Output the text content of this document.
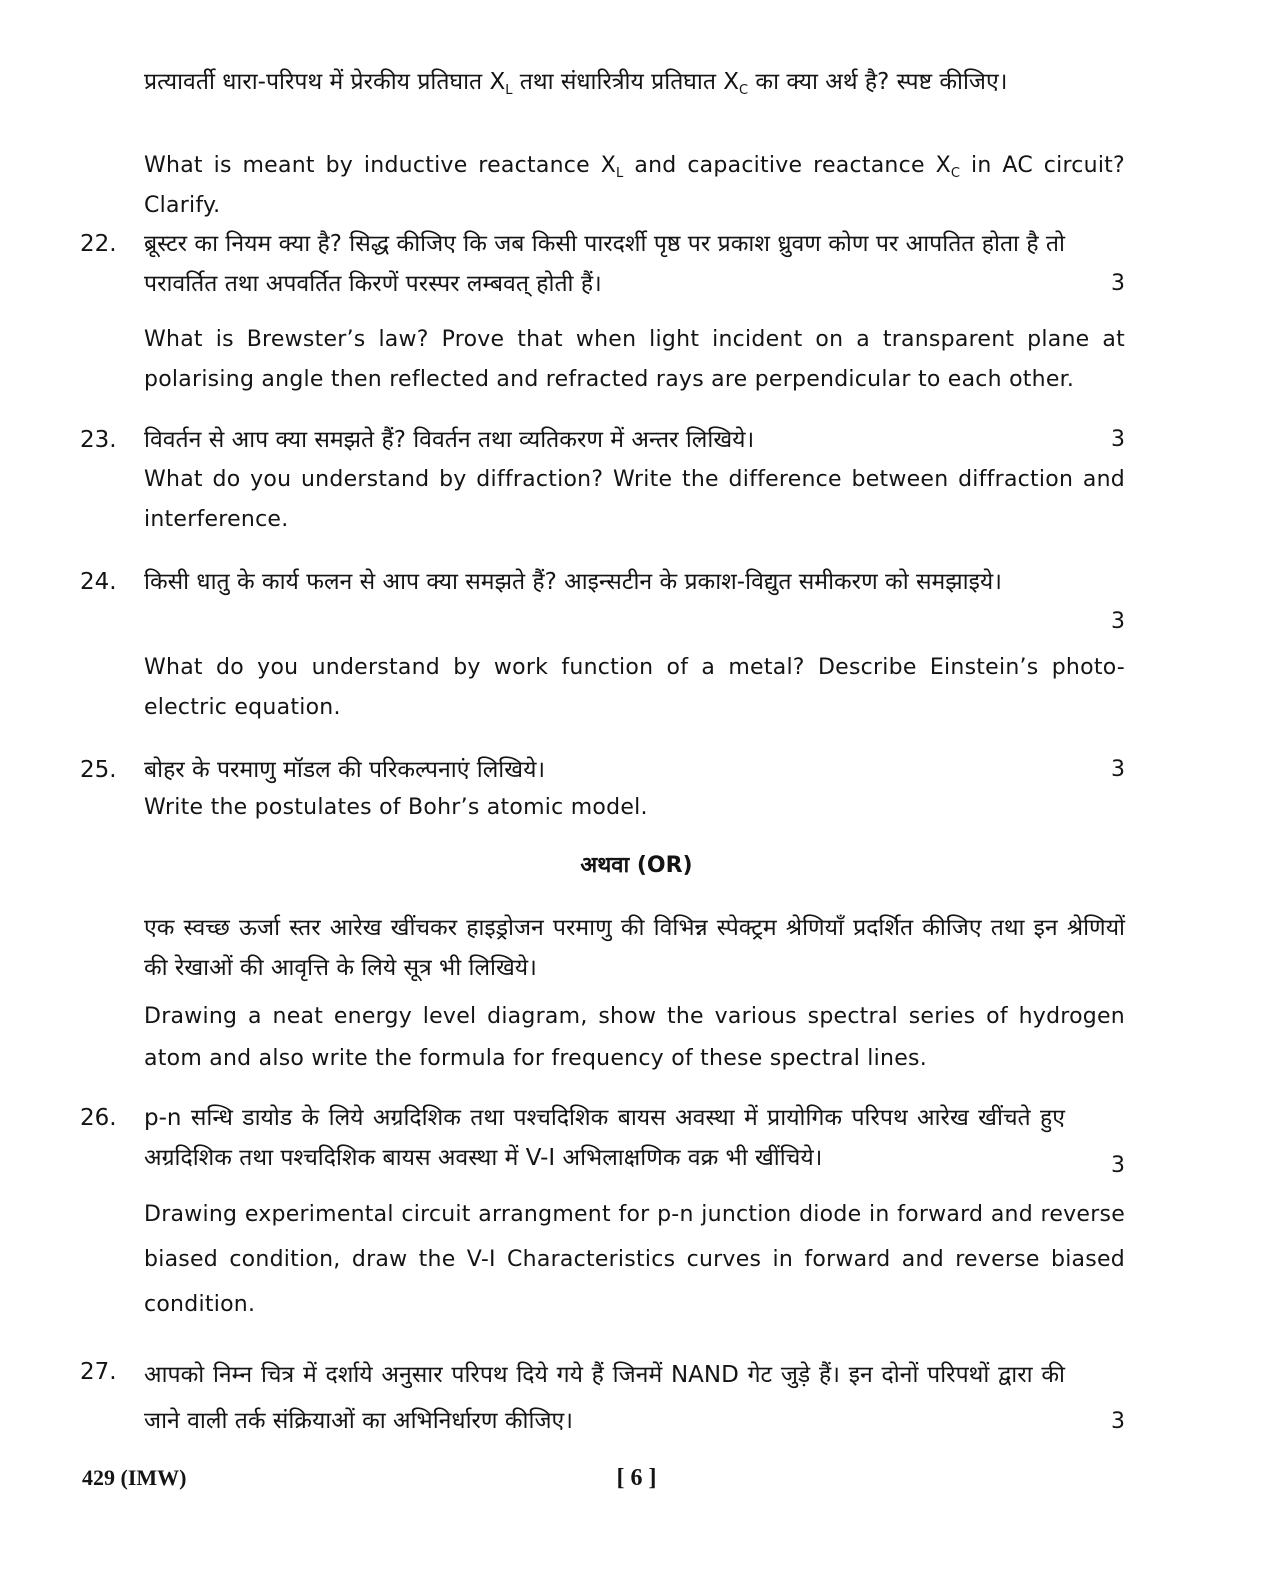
प्रत्यावर्ती धारा-परिपथ में प्रेरकीय प्रतिघात $X_L$ तथा संधारित्रीय प्रतिघात $X_C$ का क्या अर्थ है? स्पष्ट कीजिए।
What is meant by inductive reactance $X_L$ and capacitive reactance $X_C$ in AC circuit? Clarify.
22.	ब्रूस्टर का नियम क्या है? सिद्ध कीजिए कि जब किसी पारदर्शी पृष्ठ पर प्रकाश ध्रुवण कोण पर आपतित होता है तो परावर्तित तथा अपवर्तित किरणें परस्पर लम्बवत् होती हैं।	3
What is Brewster’s law? Prove that when light incident on a transparent plane at polarising angle then reflected and refracted rays are perpendicular to each other.
23.	विवर्तन से आप क्या समझते हैं? विवर्तन तथा व्यतिकरण में अन्तर लिखिये।	3
What do you understand by diffraction? Write the difference between diffraction and interference.
24.	किसी धातु के कार्य फलन से आप क्या समझते हैं? आइन्सटीन के प्रकाश-विद्युत समीकरण को समझाइये।
3
What do you understand by work function of a metal? Describe Einstein’s photo-electric equation.
25.	बोहर के परमाणु मॉडल की परिकल्पनाएं लिखिये।	3
Write the postulates of Bohr’s atomic model.
अथवा (OR)
एक स्वच्छ ऊर्जा स्तर आरेख खींचकर हाइड्रोजन परमाणु की विभिन्न स्पेक्ट्रम श्रेणियाँ प्रदर्शित कीजिए तथा इन श्रेणियों की रेखाओं की आवृत्ति के लिये सूत्र भी लिखिये।
Drawing a neat energy level diagram, show the various spectral series of hydrogen atom and also write the formula for frequency of these spectral lines.
26.	p-n सन्धि डायोड के लिये अग्रदिशिक तथा पश्चदिशिक बायस अवस्था में प्रायोगिक परिपथ आरेख खींचते हुए अग्रदिशिक तथा पश्चदिशिक बायस अवस्था में V-I अभिलाक्षणिक वक्र भी खींचिये।	3
Drawing experimental circuit arrangment for p-n junction diode in forward and reverse biased condition, draw the V-I Characteristics curves in forward and reverse biased condition.
27.	आपको निम्न चित्र में दर्शाये अनुसार परिपथ दिये गये हैं जिनमें NAND गेट जुड़े हैं। इन दोनों परिपथों द्वारा की जाने वाली तर्क संक्रियाओं का अभिनिर्धारण कीजिए।	3
429 (IMW)	[ 6 ]
